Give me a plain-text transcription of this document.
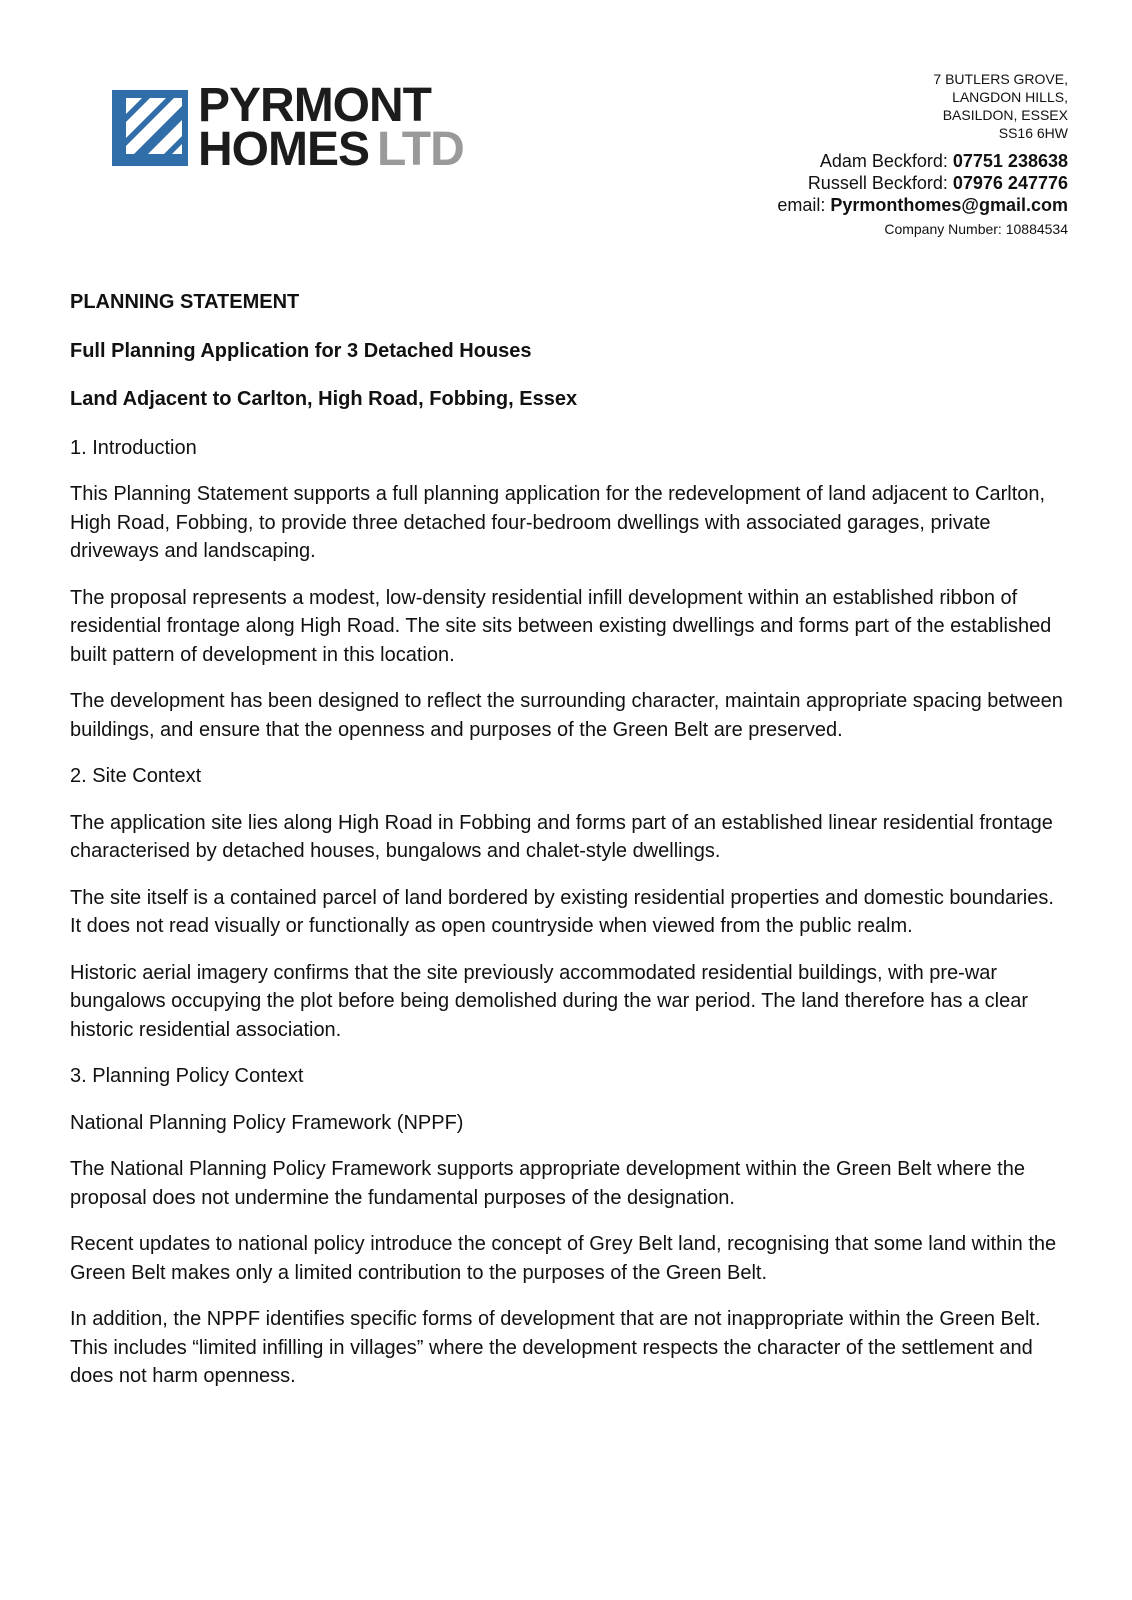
PYRMONT
HOMES LTD
7 BUTLERS GROVE,
LANGDON HILLS,
BASILDON, ESSEX
SS16 6HW
Adam Beckford: 07751 238638
Russell Beckford: 07976 247776
email: Pyrmonthomes@gmail.com
Company Number: 10884534

PLANNING STATEMENT

Full Planning Application for 3 Detached Houses

Land Adjacent to Carlton, High Road, Fobbing, Essex

1. Introduction

This Planning Statement supports a full planning application for the redevelopment of land adjacent to Carlton, High Road, Fobbing, to provide three detached four-bedroom dwellings with associated garages, private driveways and landscaping.

The proposal represents a modest, low-density residential infill development within an established ribbon of residential frontage along High Road. The site sits between existing dwellings and forms part of the established built pattern of development in this location.

The development has been designed to reflect the surrounding character, maintain appropriate spacing between buildings, and ensure that the openness and purposes of the Green Belt are preserved.

2. Site Context

The application site lies along High Road in Fobbing and forms part of an established linear residential frontage characterised by detached houses, bungalows and chalet-style dwellings.

The site itself is a contained parcel of land bordered by existing residential properties and domestic boundaries. It does not read visually or functionally as open countryside when viewed from the public realm.

Historic aerial imagery confirms that the site previously accommodated residential buildings, with pre-war bungalows occupying the plot before being demolished during the war period. The land therefore has a clear historic residential association.

3. Planning Policy Context

National Planning Policy Framework (NPPF)

The National Planning Policy Framework supports appropriate development within the Green Belt where the proposal does not undermine the fundamental purposes of the designation.

Recent updates to national policy introduce the concept of Grey Belt land, recognising that some land within the Green Belt makes only a limited contribution to the purposes of the Green Belt.

In addition, the NPPF identifies specific forms of development that are not inappropriate within the Green Belt. This includes “limited infilling in villages” where the development respects the character of the settlement and does not harm openness.
